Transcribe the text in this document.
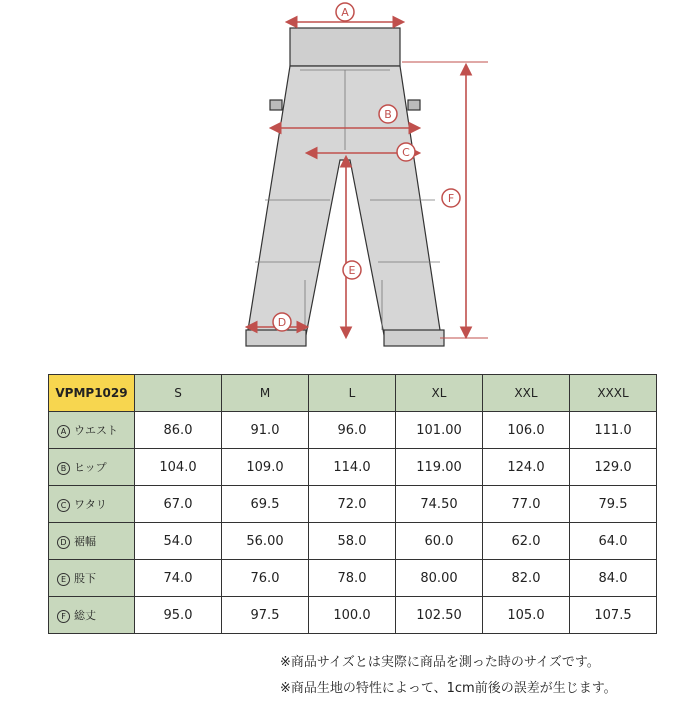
A
B
C
D
E
F
VPMP1029	S	M	L	XL	XXL	XXXL
A ウエスト	86.0	91.0	96.0	101.00	106.0	111.0
B ヒップ	104.0	109.0	114.0	119.00	124.0	129.0
C ワタリ	67.0	69.5	72.0	74.50	77.0	79.5
D 裾幅	54.0	56.00	58.0	60.0	62.0	64.0
E 股下	74.0	76.0	78.0	80.00	82.0	84.0
F 総丈	95.0	97.5	100.0	102.50	105.0	107.5
※商品サイズとは実際に商品を測った時のサイズです。
※商品生地の特性によって、1cm前後の誤差が生じます。
